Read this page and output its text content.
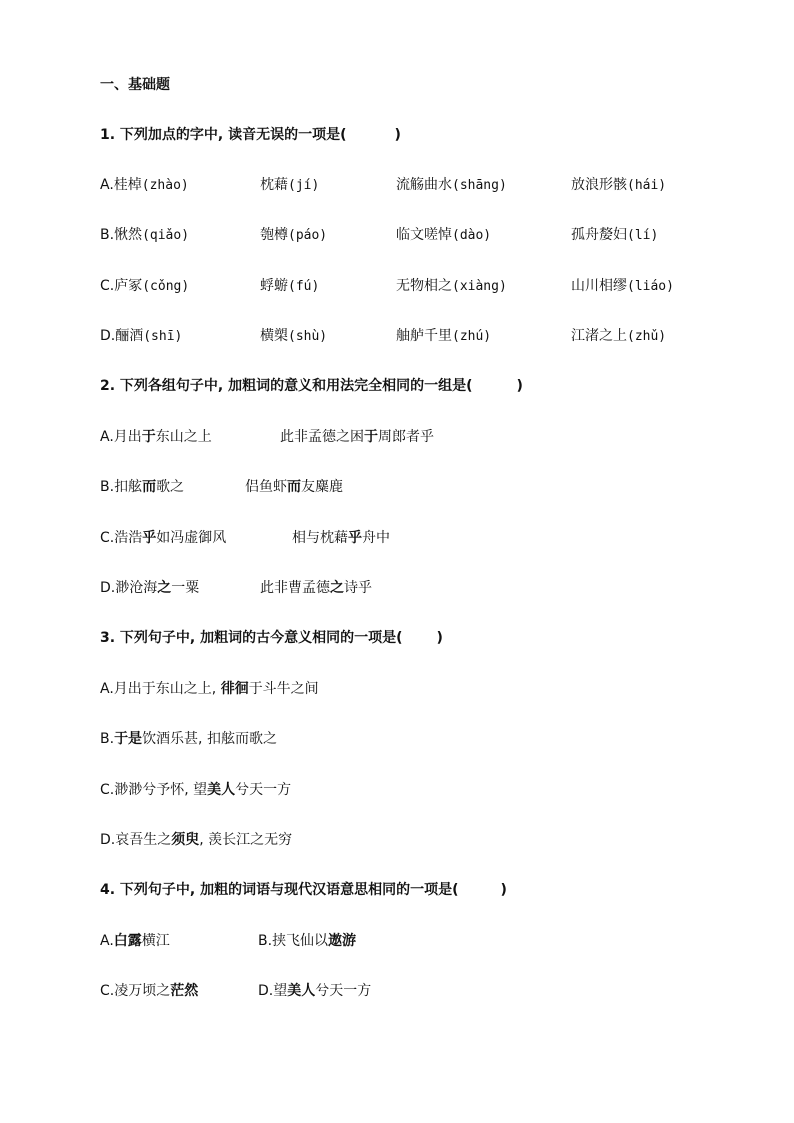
一、基础题
1. 下列加点的字中, 读音无误的一项是(	)
A.桂棹(zhào)	枕藉(jí)	流觞曲水(shāng)	放浪形骸(hái)
B.愀然(qiǎo)	匏樽(páo)	临文嗟悼(dào)	孤舟嫠妇(lí)
C.庐冢(cǒng)	蜉蝣(fú)	无物相之(xiàng)	山川相缪(liáo)
D.酾酒(shī)	横槊(shù)	舳舻千里(zhú)	江渚之上(zhǔ)
2. 下列各组句子中, 加粗词的意义和用法完全相同的一组是(	)
A.月出于东山之上	此非孟德之困于周郎者乎
B.扣舷而歌之	侣鱼虾而友麋鹿
C.浩浩乎如冯虚御风	相与枕藉乎舟中
D.渺沧海之一粟	此非曹孟德之诗乎
3. 下列句子中, 加粗词的古今意义相同的一项是( )
A.月出于东山之上, 徘徊于斗牛之间
B.于是饮酒乐甚, 扣舷而歌之
C.渺渺兮予怀, 望美人兮天一方
D.哀吾生之须臾, 羡长江之无穷
4. 下列句子中, 加粗的词语与现代汉语意思相同的一项是(	)
A.白露横江	B.挟飞仙以遨游
C.凌万顷之茫然	D.望美人兮天一方
